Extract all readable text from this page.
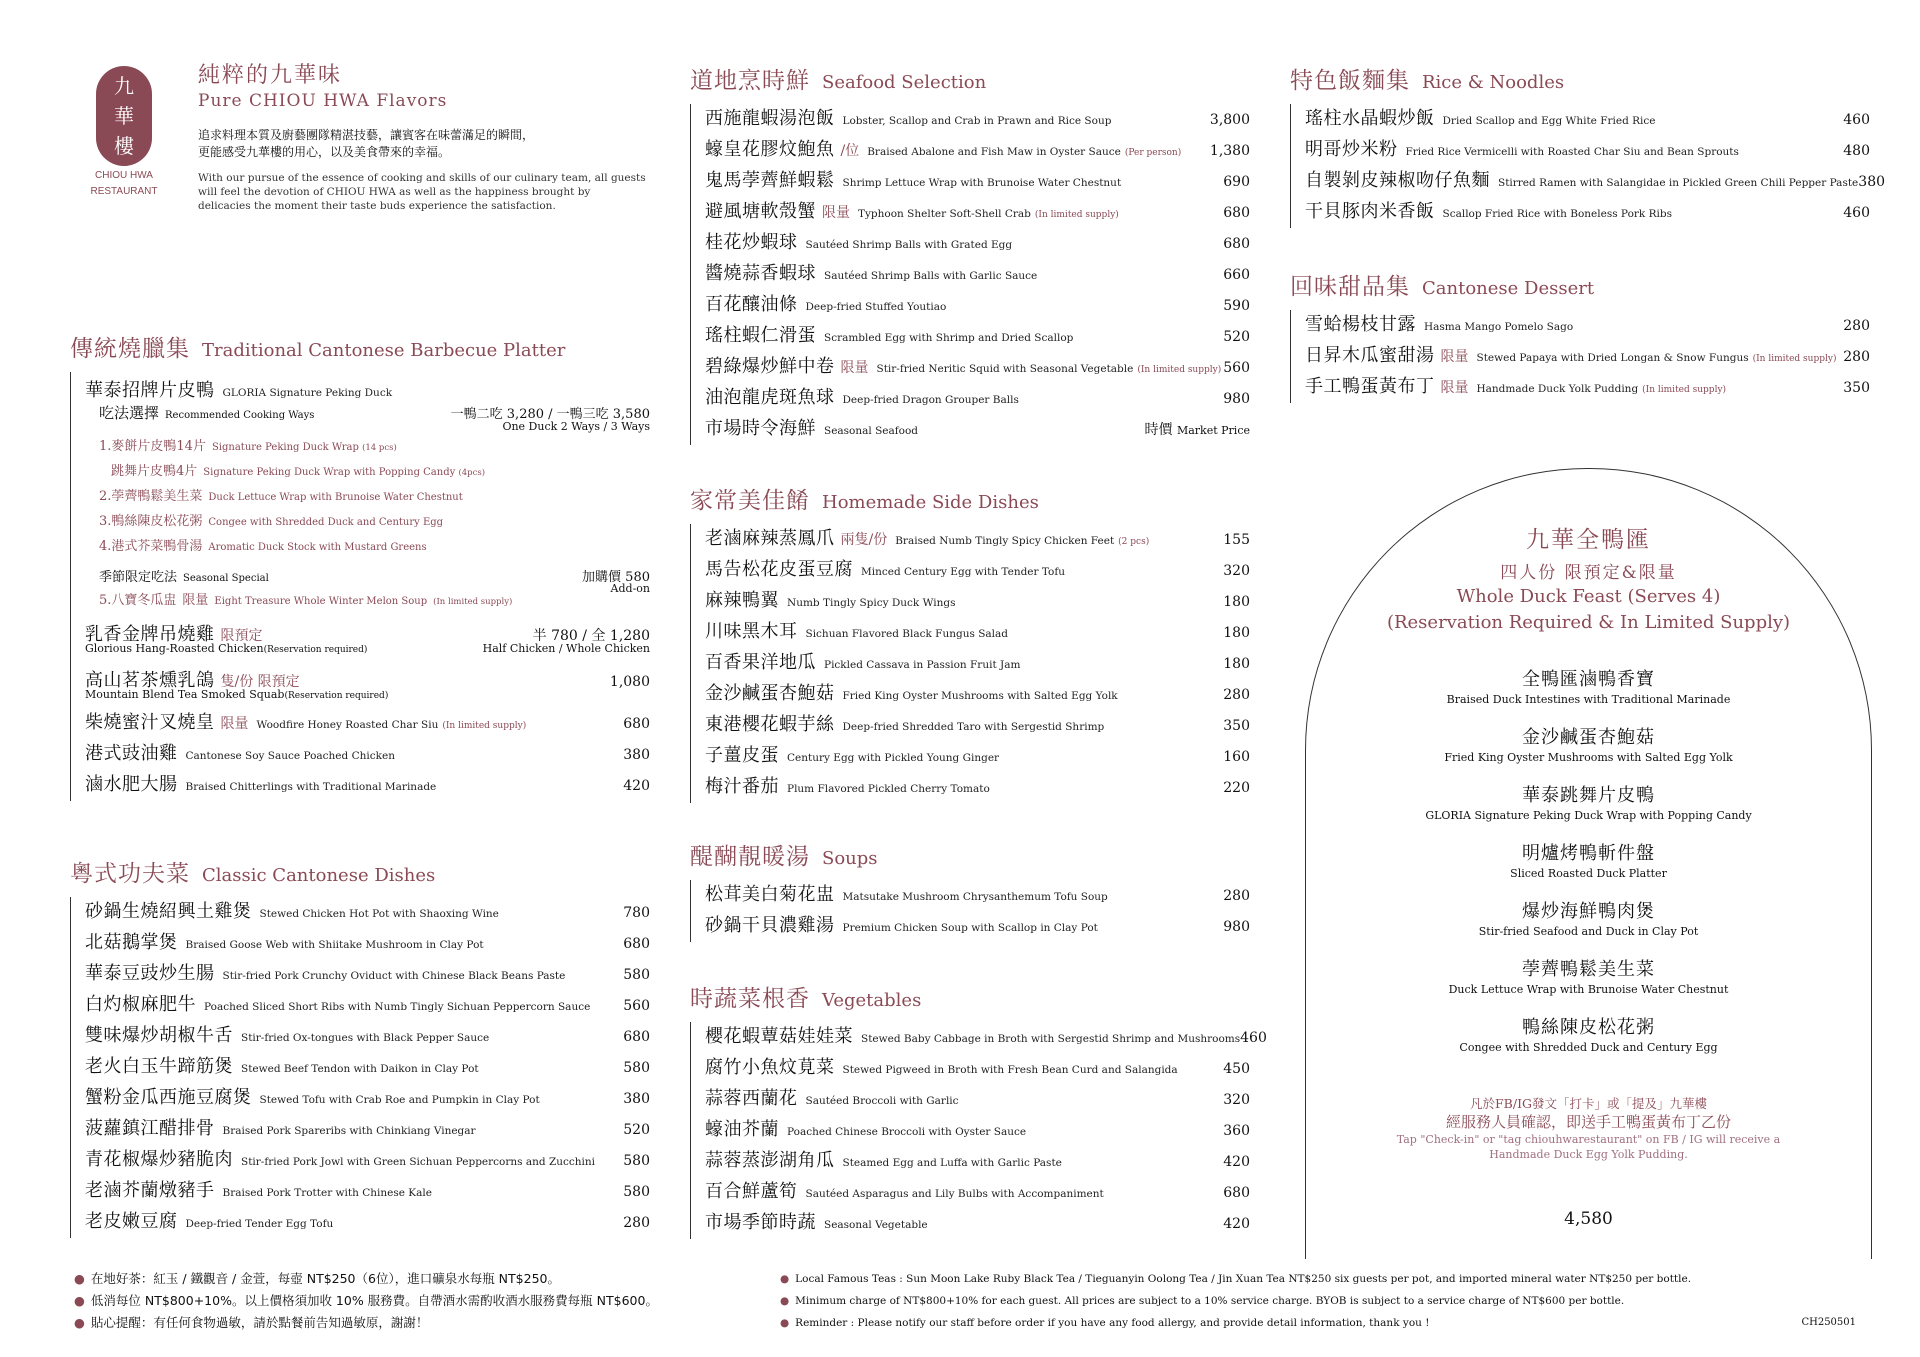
九
華
樓
CHIOU HWA
RESTAURANT
純粹的九華味
Pure CHIOU HWA Flavors
追求料理本質及廚藝團隊精湛技藝，讓賓客在味蕾滿足的瞬間，
更能感受九華樓的用心，以及美食帶來的幸福。
With our pursue of the essence of cooking and skills of our culinary team, all guests
will feel the devotion of CHIOU HWA as well as the happiness brought by
delicacies the moment their taste buds experience the satisfaction.
傳統燒臘集 Traditional Cantonese Barbecue Platter
華泰招牌片皮鴨 GLORIA Signature Peking Duck
吃法選擇 Recommended Cooking Ways	一鴨二吃 3,280 / 一鴨三吃 3,580
One Duck 2 Ways / 3 Ways
1.麥餅片皮鴨14片 Signature Peking Duck Wrap (14 pcs)
跳舞片皮鴨4片 Signature Peking Duck Wrap with Popping Candy (4pcs)
2.荸薺鴨鬆美生菜 Duck Lettuce Wrap with Brunoise Water Chestnut
3.鴨絲陳皮松花粥 Congee with Shredded Duck and Century Egg
4.港式芥菜鴨骨湯 Aromatic Duck Stock with Mustard Greens
季節限定吃法 Seasonal Special	加購價 580
Add-on
5.八寶冬瓜盅 限量 Eight Treasure Whole Winter Melon Soup (In limited supply)
乳香金牌吊燒雞 限預定	半 780 / 全 1,280
Glorious Hang-Roasted Chicken (Reservation required)	Half Chicken / Whole Chicken
高山茗茶燻乳鴿 隻/份 限預定	1,080
Mountain Blend Tea Smoked Squab (Reservation required)
柴燒蜜汁叉燒皇 限量 Woodfire Honey Roasted Char Siu (In limited supply)	680
港式豉油雞 Cantonese Soy Sauce Poached Chicken	380
滷水肥大腸 Braised Chitterlings with Traditional Marinade	420
粵式功夫菜 Classic Cantonese Dishes
砂鍋生燒紹興土雞煲 Stewed Chicken Hot Pot with Shaoxing Wine	780
北菇鵝掌煲 Braised Goose Web with Shiitake Mushroom in Clay Pot	680
華泰豆豉炒生腸 Stir-fried Pork Crunchy Oviduct with Chinese Black Beans Paste	580
白灼椒麻肥牛 Poached Sliced Short Ribs with Numb Tingly Sichuan Peppercorn Sauce 560
雙味爆炒胡椒牛舌 Stir-fried Ox-tongues with Black Pepper Sauce	680
老火白玉牛蹄筋煲 Stewed Beef Tendon with Daikon in Clay Pot	580
蟹粉金瓜西施豆腐煲 Stewed Tofu with Crab Roe and Pumpkin in Clay Pot	380
菠蘿鎮江醋排骨 Braised Pork Spareribs with Chinkiang Vinegar	520
青花椒爆炒豬脆肉 Stir-fried Pork Jowl with Green Sichuan Peppercorns and Zucchini 580
老滷芥蘭燉豬手 Braised Pork Trotter with Chinese Kale	580
老皮嫩豆腐 Deep-fried Tender Egg Tofu	280
道地烹時鮮 Seafood Selection
西施龍蝦湯泡飯 Lobster, Scallop and Crab in Prawn and Rice Soup	3,800
蠔皇花膠炆鮑魚 /位 Braised Abalone and Fish Maw in Oyster Sauce (Per person) 1,380
鬼馬荸薺鮮蝦鬆 Shrimp Lettuce Wrap with Brunoise Water Chestnut	690
避風塘軟殼蟹 限量 Typhoon Shelter Soft-Shell Crab (In limited supply)	680
桂花炒蝦球 Sautéed Shrimp Balls with Grated Egg	680
醬燒蒜香蝦球 Sautéed Shrimp Balls with Garlic Sauce	660
百花釀油條 Deep-fried Stuffed Youtiao	590
瑤柱蝦仁滑蛋 Scrambled Egg with Shrimp and Dried Scallop	520
碧綠爆炒鮮中卷 限量 Stir-fried Neritic Squid with Seasonal Vegetable (In limited supply) 560
油泡龍虎斑魚球 Deep-fried Dragon Grouper Balls	980
市場時令海鮮 Seasonal Seafood	時價 Market Price
家常美佳餚 Homemade Side Dishes
老滷麻辣蒸鳳爪 兩隻/份 Braised Numb Tingly Spicy Chicken Feet (2 pcs)	155
馬告松花皮蛋豆腐 Minced Century Egg with Tender Tofu	320
麻辣鴨翼 Numb Tingly Spicy Duck Wings	180
川味黑木耳 Sichuan Flavored Black Fungus Salad	180
百香果洋地瓜 Pickled Cassava in Passion Fruit Jam	180
金沙鹹蛋杏鮑菇 Fried King Oyster Mushrooms with Salted Egg Yolk	280
東港櫻花蝦芋絲 Deep-fried Shredded Taro with Sergestid Shrimp	350
子薑皮蛋 Century Egg with Pickled Young Ginger	160
梅汁番茄 Plum Flavored Pickled Cherry Tomato	220
醍醐靚暖湯 Soups
松茸美白菊花盅 Matsutake Mushroom Chrysanthemum Tofu Soup	280
砂鍋干貝濃雞湯 Premium Chicken Soup with Scallop in Clay Pot	980
時蔬菜根香 Vegetables
櫻花蝦蕈菇娃娃菜 Stewed Baby Cabbage in Broth with Sergestid Shrimp and Mushrooms 460
腐竹小魚炆莧菜 Stewed Pigweed in Broth with Fresh Bean Curd and Salangida	450
蒜蓉西蘭花 Sautéed Broccoli with Garlic	320
蠔油芥蘭 Poached Chinese Broccoli with Oyster Sauce	360
蒜蓉蒸澎湖角瓜 Steamed Egg and Luffa with Garlic Paste	420
百合鮮蘆筍 Sautéed Asparagus and Lily Bulbs with Accompaniment	680
市場季節時蔬 Seasonal Vegetable	420
特色飯麵集 Rice & Noodles
瑤柱水晶蝦炒飯 Dried Scallop and Egg White Fried Rice	460
明哥炒米粉 Fried Rice Vermicelli with Roasted Char Siu and Bean Sprouts	480
自製剝皮辣椒吻仔魚麵 Stirred Ramen with Salangidae in Pickled Green Chili Pepper Paste 380
干貝豚肉米香飯 Scallop Fried Rice with Boneless Pork Ribs	460
回味甜品集 Cantonese Dessert
雪蛤楊枝甘露 Hasma Mango Pomelo Sago	280
日昇木瓜蜜甜湯 限量 Stewed Papaya with Dried Longan & Snow Fungus (In limited supply) 280
手工鴨蛋黃布丁 限量 Handmade Duck Yolk Pudding (In limited supply)	350
九華全鴨匯
四人份 限預定&限量
Whole Duck Feast (Serves 4)
(Reservation Required & In Limited Supply)
全鴨匯滷鴨香寶
Braised Duck Intestines with Traditional Marinade
金沙鹹蛋杏鮑菇
Fried King Oyster Mushrooms with Salted Egg Yolk
華泰跳舞片皮鴨
GLORIA Signature Peking Duck Wrap with Popping Candy
明爐烤鴨斬件盤
Sliced Roasted Duck Platter
爆炒海鮮鴨肉煲
Stir-fried Seafood and Duck in Clay Pot
荸薺鴨鬆美生菜
Duck Lettuce Wrap with Brunoise Water Chestnut
鴨絲陳皮松花粥
Congee with Shredded Duck and Century Egg
凡於FB/IG發文「打卡」或「提及」九華樓
經服務人員確認，即送手工鴨蛋黃布丁乙份
Tap "Check-in" or "tag chiouhwarestaurant" on FB / IG will receive a
Handmade Duck Egg Yolk Pudding.
4,580
● 在地好茶：紅玉 / 鐵觀音 / 金萱，每壺 NT$250（6位），進口礦泉水每瓶 NT$250。
● 低消每位 NT$800+10%。以上價格須加收 10% 服務費。自帶酒水需酌收酒水服務費每瓶 NT$600。
● 貼心提醒：有任何食物過敏，請於點餐前告知過敏原，謝謝！
● Local Famous Teas : Sun Moon Lake Ruby Black Tea / Tieguanyin Oolong Tea / Jin Xuan Tea NT$250 six guests per pot, and imported mineral water NT$250 per bottle.
● Minimum charge of NT$800+10% for each guest. All prices are subject to a 10% service charge. BYOB is subject to a service charge of NT$600 per bottle.
● Reminder : Please notify our staff before order if you have any food allergy, and provide detail information, thank you !	CH250501
